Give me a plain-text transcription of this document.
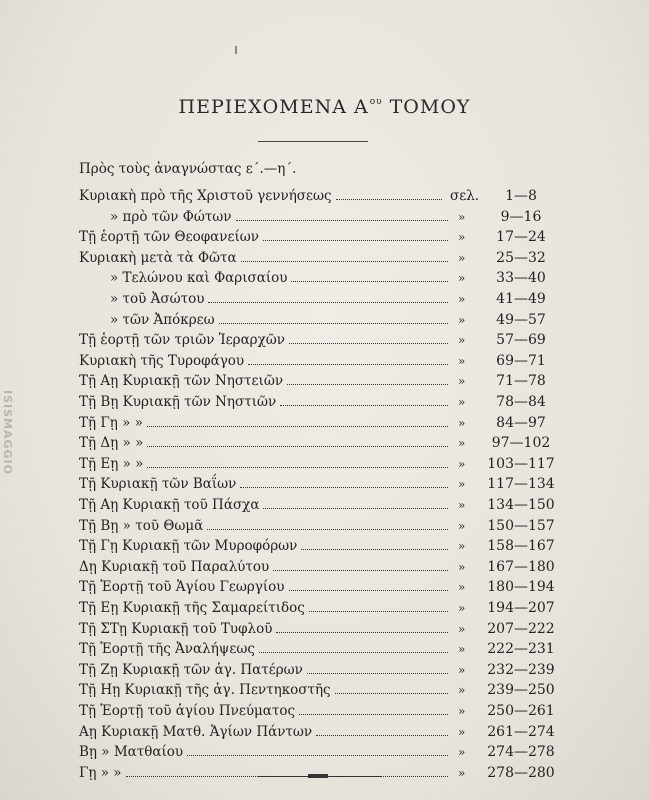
ΠΕΡΙΕΧΟΜΕΝΑ $A^{o\upsilon}$ ΤΟΜΟΥ
Πρὸς τοὺς ἀναγνώστας ε΄.—η΄.
Κυριακὴ πρὸ τῆς Χριστοῦ γεννήσεως	σελ.	1—8
» πρὸ τῶν Φώτων	»	9—16
Τῇ ἑορτῇ τῶν Θεοφανείων	»	17—24
Κυριακὴ μετὰ τὰ Φῶτα	»	25—32
» Τελώνου καὶ Φαρισαίου	»	33—40
» τοῦ Ἀσώτου	»	41—49
» τῶν Ἀπόκρεω	»	49—57
Τῇ ἑορτῇ τῶν τριῶν Ἱεραρχῶν	»	57—69
Κυριακὴ τῆς Τυροφάγου	»	69—71
Τῇ Αῃ Κυριακῇ τῶν Νηστειῶν	»	71—78
Τῇ Βῃ Κυριακῇ τῶν Νηστιῶν	»	78—84
Τῇ Γῃ » »	»	84—97
Τῇ Δῃ » »	»	97—102
Τῇ Εῃ » »	»	103—117
Τῇ Κυριακῇ τῶν Βαΐων	»	117—134
Τῇ Αῃ Κυριακῇ τοῦ Πάσχα	»	134—150
Τῇ Βῃ » τοῦ Θωμᾶ	»	150—157
Τῇ Γῃ Κυριακῇ τῶν Μυροφόρων	»	158—167
Δῃ Κυριακῇ τοῦ Παραλύτου	»	167—180
Τῇ Ἑορτῇ τοῦ Ἁγίου Γεωργίου	»	180—194
Τῇ Εῃ Κυριακῇ τῆς Σαμαρείτιδος	»	194—207
Τῇ ΣΤῃ Κυριακῇ τοῦ Τυφλοῦ	»	207—222
Τῇ Ἑορτῇ τῆς Ἀναλήψεως	»	222—231
Τῇ Ζῃ Κυριακῇ τῶν ἁγ. Πατέρων	»	232—239
Τῇ Ηῃ Κυριακῇ τῆς ἁγ. Πεντηκοστῆς	»	239—250
Τῇ Ἑορτῇ τοῦ ἁγίου Πνεύματος	»	250—261
Αῃ Κυριακῇ Ματθ. Ἁγίων Πάντων	»	261—274
Βῃ » Ματθαίου	»	274—278
Γῃ » »	»	278—280
ISISMAGGIO
